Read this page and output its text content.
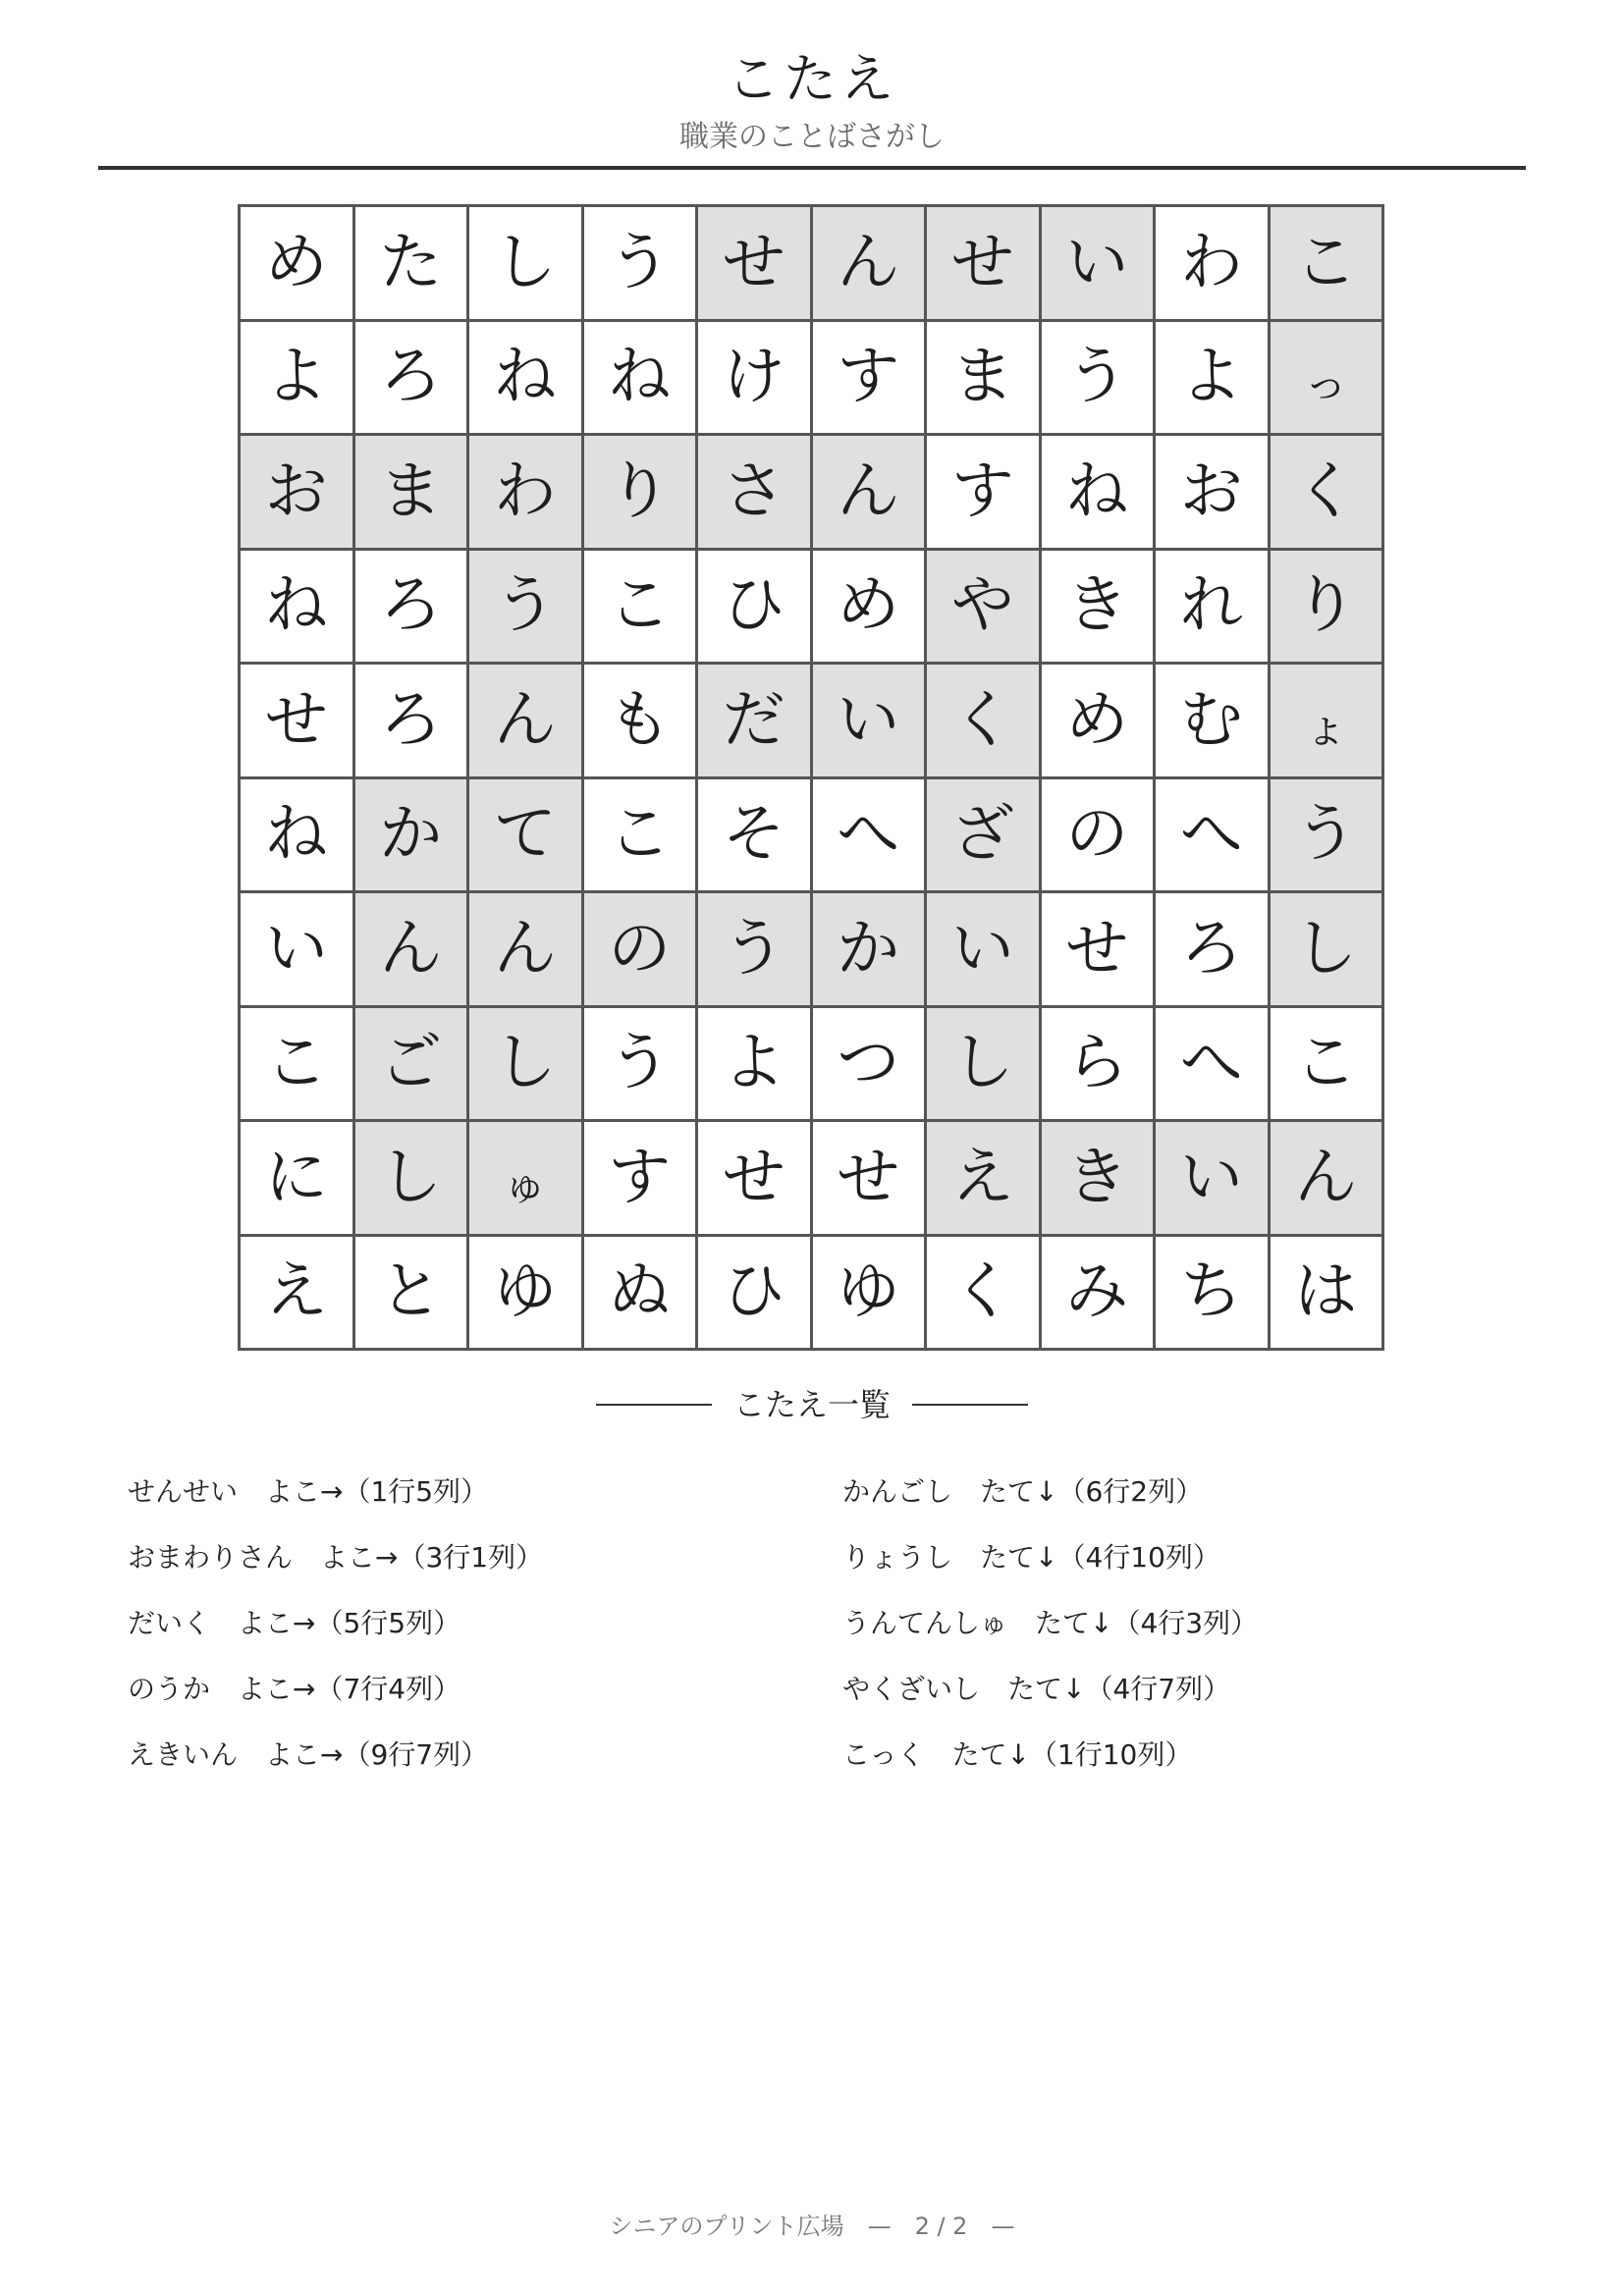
こたえ
職業のことばさがし
め た し う せ ん せ い わ こ
よ ろ ね ね け す ま う よ	っ
お ま わ り さ ん す ね お く
ね ろ う こ ひ め や き れ り
せ ろ ん も だ い く め む	ょ
ね か て こ そ へ ざ の へ う
い ん ん の う か い せ ろ し
こ ご し う よ つ し ら へ こ
に し	ゅ す せ せ え き い ん
え と ゆ ぬ ひ ゆ く み ち は
こたえ一覧
せんせい　よこ→（1行5列）
おまわりさん　よこ→（3行1列）
だいく　よこ→（5行5列）
のうか　よこ→（7行4列）
えきいん　よこ→（9行7列）
かんごし　たて↓（6行2列）
りょうし　たて↓（4行10列）
うんてんしゅ　たて↓（4行3列）
やくざいし　たて↓（4行7列）
こっく　たて↓（1行10列）
シニアのプリント広場　—　2 / 2　—
